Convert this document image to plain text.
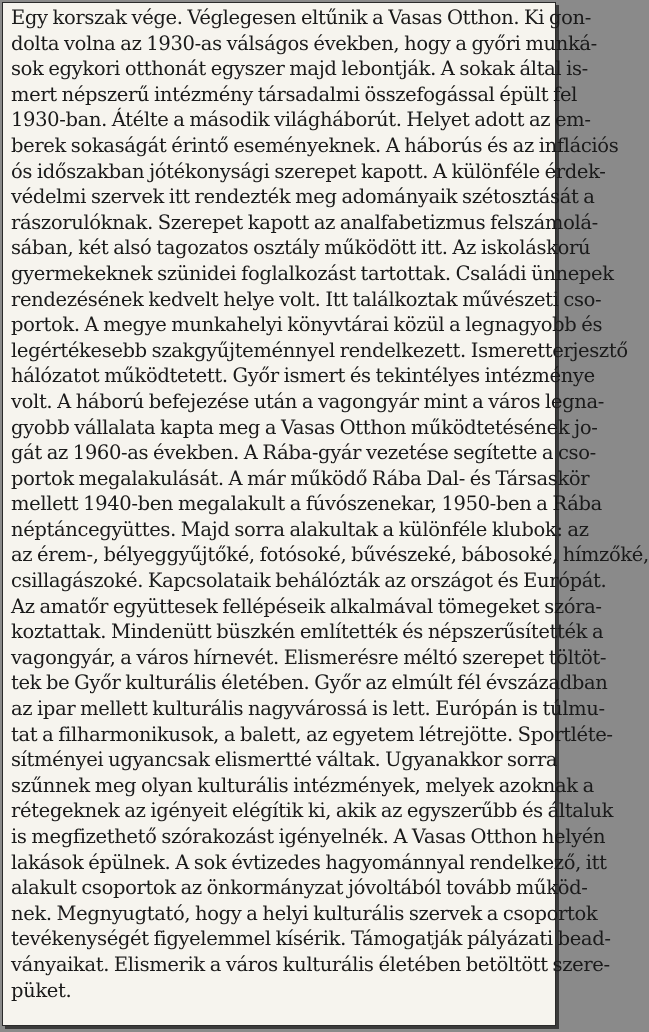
Egy korszak vége. Véglegesen eltűnik a Vasas Otthon. Ki gon-
dolta volna az 1930-as válságos években, hogy a győri munká-
sok egykori otthonát egyszer majd lebontják. A sokak által is-
mert népszerű intézmény társadalmi összefogással épült fel
1930-ban. Átélte a második világháborút. Helyet adott az em-
berek sokaságát érintő eseményeknek. A háborús és az inflációs
ós időszakban jótékonysági szerepet kapott. A különféle érdek-
védelmi szervek itt rendezték meg adományaik szétosztását a
rászorulóknak. Szerepet kapott az analfabetizmus felszámolá-
sában, két alsó tagozatos osztály működött itt. Az iskoláskorú
gyermekeknek szünidei foglalkozást tartottak. Családi ünnepek
rendezésének kedvelt helye volt. Itt találkoztak művészeti cso-
portok. A megye munkahelyi könyvtárai közül a legnagyobb és
legértékesebb szakgyűjteménnyel rendelkezett. Ismeretterjesztő
hálózatot működtetett. Győr ismert és tekintélyes intézménye
volt. A háború befejezése után a vagongyár mint a város legna-
gyobb vállalata kapta meg a Vasas Otthon működtetésének jo-
gát az 1960-as években. A Rába-gyár vezetése segítette a cso-
portok megalakulását. A már működő Rába Dal- és Társaskör
mellett 1940-ben megalakult a fúvószenekar, 1950-ben a Rába
néptáncegyüttes. Majd sorra alakultak a különféle klubok: az
az érem-, bélyeggyűjtőké, fotósoké, bűvészeké, bábosoké, hímzőké,
csillagászoké. Kapcsolataik behálózták az országot és Európát.
Az amatőr együttesek fellépéseik alkalmával tömegeket szóra-
koztattak. Mindenütt büszkén említették és népszerűsítették a
vagongyár, a város hírnevét. Elismerésre méltó szerepet töltöt-
tek be Győr kulturális életében. Győr az elmúlt fél évszázadban
az ipar mellett kulturális nagyvárossá is lett. Európán is túlmu-
tat a filharmonikusok, a balett, az egyetem létrejötte. Sportléte-
sítményei ugyancsak elismertté váltak. Ugyanakkor sorra
szűnnek meg olyan kulturális intézmények, melyek azoknak a
rétegeknek az igényeit elégítik ki, akik az egyszerűbb és általuk
is megfizethető szórakozást igényelnék. A Vasas Otthon helyén
lakások épülnek. A sok évtizedes hagyománnyal rendelkező, itt
alakult csoportok az önkormányzat jóvoltából tovább működ-
nek. Megnyugtató, hogy a helyi kulturális szervek a csoportok
tevékenységét figyelemmel kísérik. Támogatják pályázati bead-
ványaikat. Elismerik a város kulturális életében betöltött szere-
püket.
